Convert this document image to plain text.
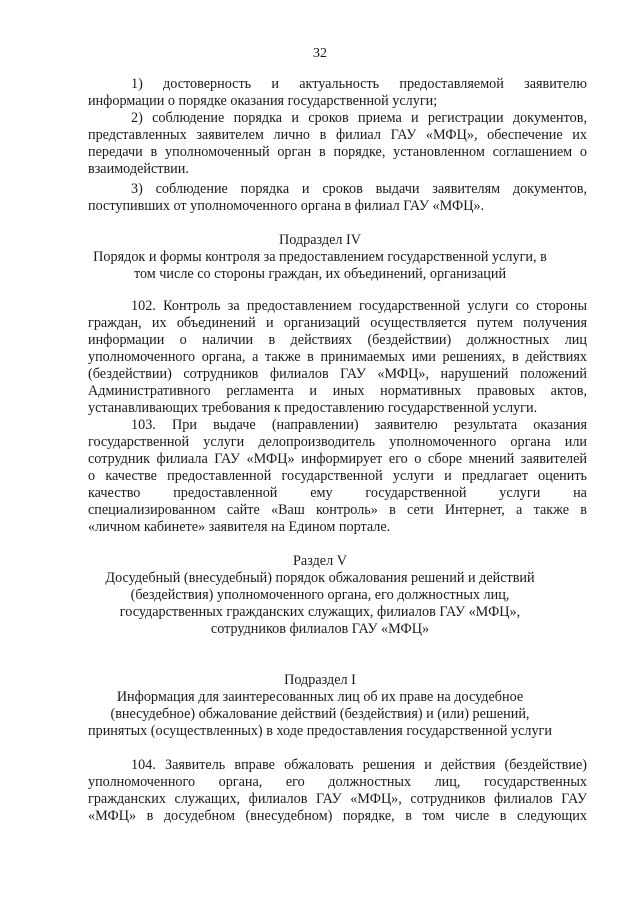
32
1) достоверность и актуальность предоставляемой заявителю
информации о порядке оказания государственной услуги;
2) соблюдение порядка и сроков приема и регистрации документов,
представленных заявителем лично в филиал ГАУ «МФЦ», обеспечение их
передачи в уполномоченный орган в порядке, установленном соглашением о
взаимодействии.
3) соблюдение порядка и сроков выдачи заявителям документов,
поступивших от уполномоченного органа в филиал ГАУ «МФЦ».
Подраздел IV
Порядок и формы контроля за предоставлением государственной услуги, в
том числе со стороны граждан, их объединений, организаций
102. Контроль за предоставлением государственной услуги со стороны
граждан, их объединений и организаций осуществляется путем получения
информации о наличии в действиях (бездействии) должностных лиц
уполномоченного органа, а также в принимаемых ими решениях, в действиях
(бездействии) сотрудников филиалов ГАУ «МФЦ», нарушений положений
Административного регламента и иных нормативных правовых актов,
устанавливающих требования к предоставлению государственной услуги.
103. При выдаче (направлении) заявителю результата оказания
государственной услуги делопроизводитель уполномоченного органа или
сотрудник филиала ГАУ «МФЦ» информирует его о сборе мнений заявителей
о качестве предоставленной государственной услуги и предлагает оценить
качество предоставленной ему государственной услуги на
специализированном сайте «Ваш контроль» в сети Интернет, а также в
«личном кабинете» заявителя на Едином портале.
Раздел V
Досудебный (внесудебный) порядок обжалования решений и действий
(бездействия) уполномоченного органа, его должностных лиц,
государственных гражданских служащих, филиалов ГАУ «МФЦ»,
сотрудников филиалов ГАУ «МФЦ»
Подраздел I
Информация для заинтересованных лиц об их праве на досудебное
(внесудебное) обжалование действий (бездействия) и (или) решений,
принятых (осуществленных) в ходе предоставления государственной услуги
104. Заявитель вправе обжаловать решения и действия (бездействие)
уполномоченного органа, его должностных лиц, государственных
гражданских служащих, филиалов ГАУ «МФЦ», сотрудников филиалов ГАУ
«МФЦ» в досудебном (внесудебном) порядке, в том числе в следующих
